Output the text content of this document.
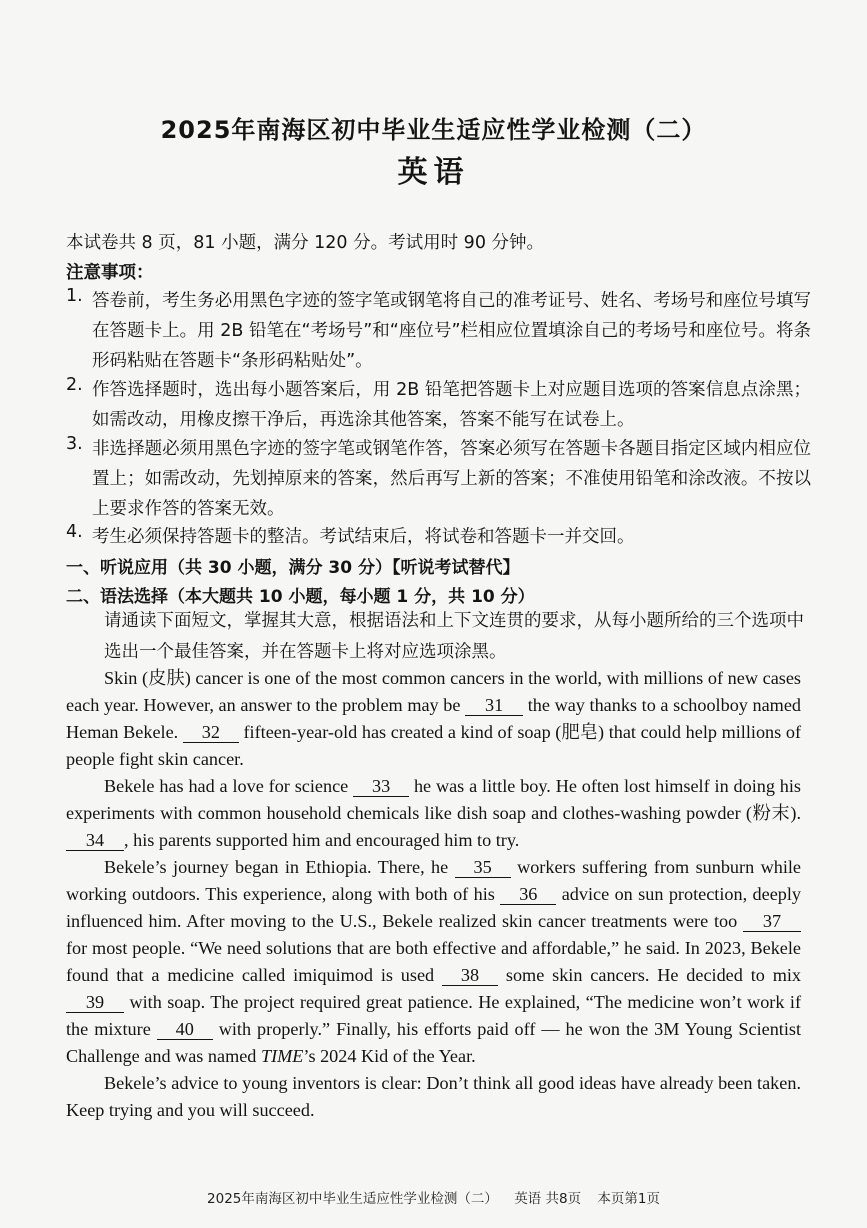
2025年南海区初中毕业生适应性学业检测（二）
英语
本试卷共 8 页，81 小题，满分 120 分。考试用时 90 分钟。
注意事项：
1. 答卷前，考生务必用黑色字迹的签字笔或钢笔将自己的准考证号、姓名、考场号和座位号填写在答题卡上。用 2B 铅笔在“考场号”和“座位号”栏相应位置填涂自己的考场号和座位号。将条形码粘贴在答题卡“条形码粘贴处”。
2. 作答选择题时，选出每小题答案后，用 2B 铅笔把答题卡上对应题目选项的答案信息点涂黑；如需改动，用橡皮擦干净后，再选涂其他答案，答案不能写在试卷上。
3. 非选择题必须用黑色字迹的签字笔或钢笔作答，答案必须写在答题卡各题目指定区域内相应位置上；如需改动，先划掉原来的答案，然后再写上新的答案；不准使用铅笔和涂改液。不按以上要求作答的答案无效。
4. 考生必须保持答题卡的整洁。考试结束后，将试卷和答题卡一并交回。
一、听说应用（共 30 小题，满分 30 分）【听说考试替代】
二、语法选择（本大题共 10 小题，每小题 1 分，共 10 分）
请通读下面短文，掌握其大意，根据语法和上下文连贯的要求，从每小题所给的三个选项中选出一个最佳答案，并在答题卡上将对应选项涂黑。

Skin (皮肤) cancer is one of the most common cancers in the world, with millions of new cases each year. However, an answer to the problem may be 31 the way thanks to a schoolboy named Heman Bekele. 32 fifteen-year-old has created a kind of soap (肥皂) that could help millions of people fight skin cancer.

Bekele has had a love for science 33 he was a little boy. He often lost himself in doing his experiments with common household chemicals like dish soap and clothes-washing powder (粉末). 34 , his parents supported him and encouraged him to try.

Bekele’s journey began in Ethiopia. There, he 35 workers suffering from sunburn while working outdoors. This experience, along with both of his 36 advice on sun protection, deeply influenced him. After moving to the U.S., Bekele realized skin cancer treatments were too 37 for most people. “We need solutions that are both effective and affordable,” he said. In 2023, Bekele found that a medicine called imiquimod is used 38 some skin cancers. He decided to mix 39 with soap. The project required great patience. He explained, “The medicine won’t work if the mixture 40 with properly.” Finally, his efforts paid off — he won the 3M Young Scientist Challenge and was named TIME’s 2024 Kid of the Year.

Bekele’s advice to young inventors is clear: Don’t think all good ideas have already been taken. Keep trying and you will succeed.

2025年南海区初中毕业生适应性学业检测（二） 英语 共8页 本页第1页
